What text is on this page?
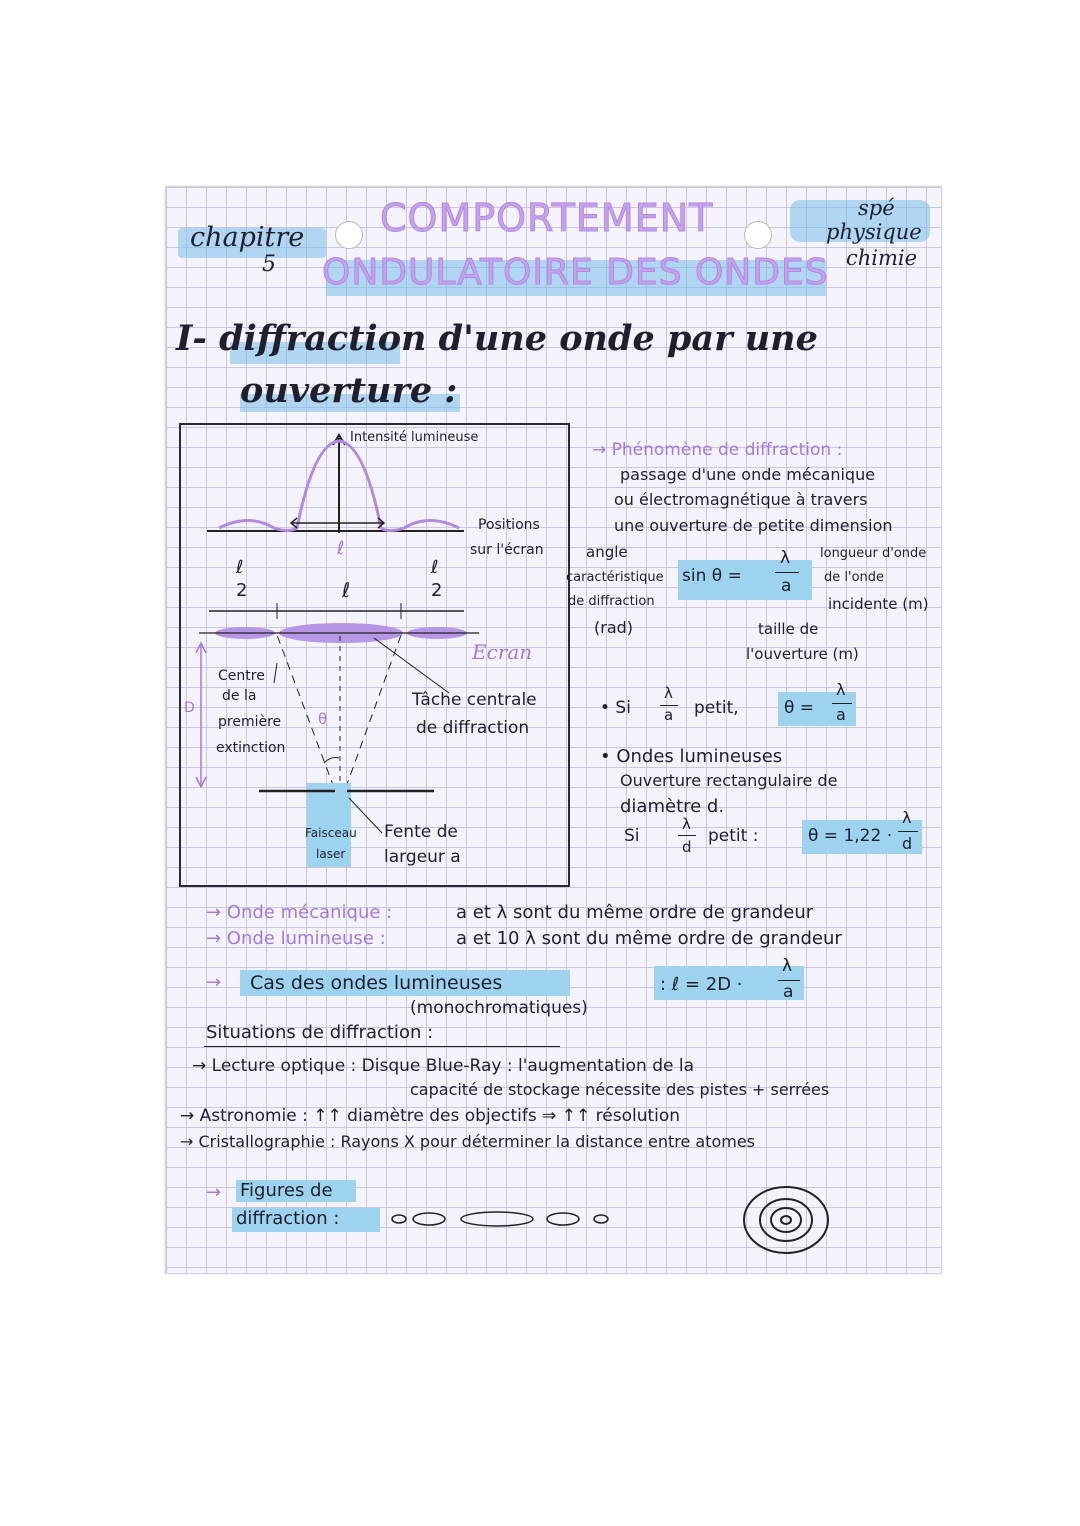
chapitre
5
COMPORTEMENT
ONDULATOIRE DES ONDES
spé
physique
chimie
I- diffraction d'une onde par une
ouverture :
Intensité lumineuse
Positions
sur l'écran
ℓ
ℓ
ℓ
2
ℓ
2
Ecran
Centre
de la
première
extinction
D
θ
Tâche centrale
de diffraction
Faisceau
laser
Fente de
largeur a
→ Phénomène de diffraction :
passage d'une onde mécanique
ou électromagnétique à travers
une ouverture de petite dimension
angle
caractéristique
de diffraction
(rad)
sin θ =
λ
a
longueur d'onde
de l'onde
incidente (m)
taille de
l'ouverture (m)
• Si
λ
a petit,	θ =
λ
a
• Ondes lumineuses
Ouverture rectangulaire de
diamètre d.
Si
λ
d
petit :	θ = 1,22 ·
λ
d
→ Onde mécanique :	a et λ sont du même ordre de grandeur
→ Onde lumineuse :	a et 10 λ sont du même ordre de grandeur
→ Cas des ondes lumineuses
(monochromatiques)
: ℓ = 2D ·
λ
a
Situations de diffraction :
→ Lecture optique : Disque Blue-Ray : l'augmentation de la
capacité de stockage nécessite des pistes + serrées
→ Astronomie : ↑↑ diamètre des objectifs ⇒ ↑↑ résolution
→ Cristallographie : Rayons X pour déterminer la distance entre atomes
→ Figures de
diffraction :
